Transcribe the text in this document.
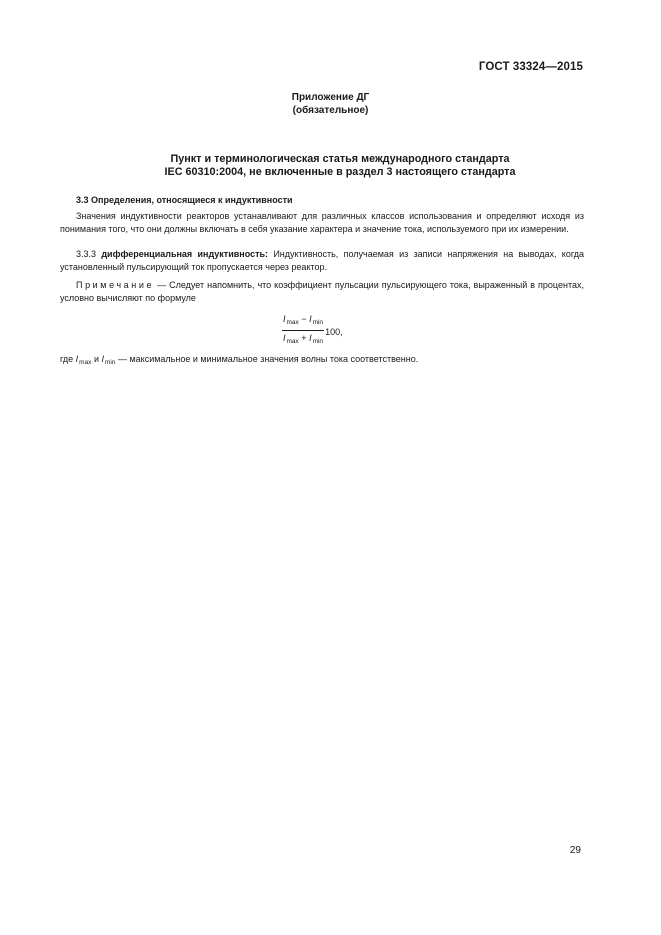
ГОСТ 33324—2015
Приложение ДГ
(обязательное)
Пункт и терминологическая статья международного стандарта
IEC 60310:2004, не включенные в раздел 3 настоящего стандарта
3.3 Определения, относящиеся к индуктивности
Значения индуктивности реакторов устанавливают для различных классов использования и определяют исходя из понимания того, что они должны включать в себя указание характера и значение тока, используемого при их измерении.
3.3.3 дифференциальная индуктивность: Индуктивность, получаемая из записи напряжения на выводах, когда установленный пульсирующий ток пропускается через реактор.
Примечание — Следует напомнить, что коэффициент пульсации пульсирующего тока, выраженный в процентах, условно вычисляют по формуле
$\frac{I_{max} - I_{min}}{I_{max} + I_{min}} 100$,
где $I_{max}$ и $I_{min}$ — максимальное и минимальное значения волны тока соответственно.
29
